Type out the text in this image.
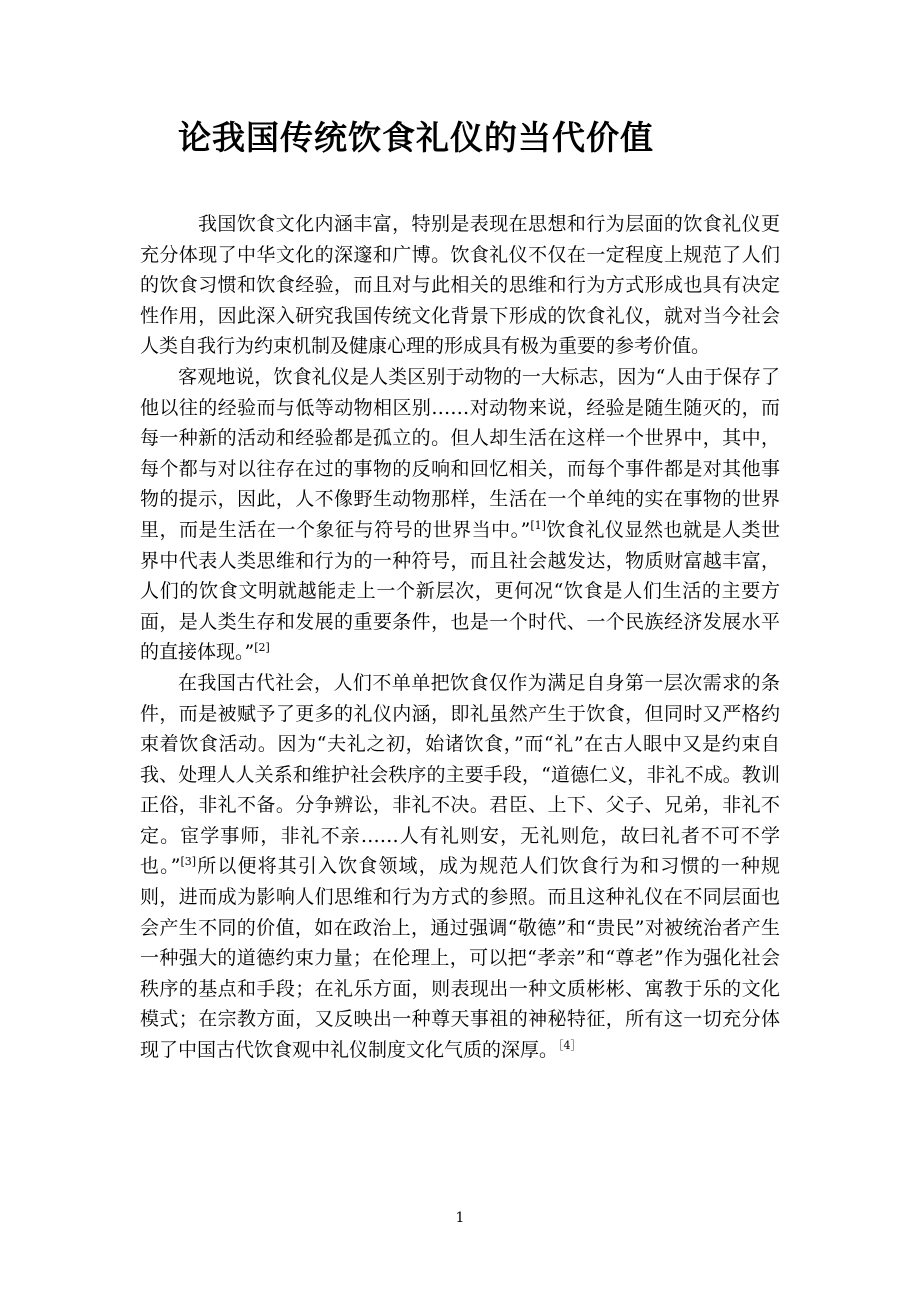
论我国传统饮食礼仪的当代价值

我国饮食文化内涵丰富，特别是表现在思想和行为层面的饮食礼仪更充分体现了中华文化的深邃和广博。饮食礼仪不仅在一定程度上规范了人们的饮食习惯和饮食经验，而且对与此相关的思维和行为方式形成也具有决定性作用，因此深入研究我国传统文化背景下形成的饮食礼仪，就对当今社会人类自我行为约束机制及健康心理的形成具有极为重要的参考价值。

客观地说，饮食礼仪是人类区别于动物的一大标志，因为“人由于保存了他以往的经验而与低等动物相区别……对动物来说，经验是随生随灭的，而每一种新的活动和经验都是孤立的。但人却生活在这样一个世界中，其中，每个都与对以往存在过的事物的反响和回忆相关，而每个事件都是对其他事物的提示，因此，人不像野生动物那样，生活在一个单纯的实在事物的世界里，而是生活在一个象征与符号的世界当中。”[1]饮食礼仪显然也就是人类世界中代表人类思维和行为的一种符号，而且社会越发达，物质财富越丰富，人们的饮食文明就越能走上一个新层次，更何况“饮食是人们生活的主要方面，是人类生存和发展的重要条件，也是一个时代、一个民族经济发展水平的直接体现。”[2]

在我国古代社会，人们不单单把饮食仅作为满足自身第一层次需求的条件，而是被赋予了更多的礼仪内涵，即礼虽然产生于饮食，但同时又严格约束着饮食活动。因为“夫礼之初，始诸饮食，”而“礼”在古人眼中又是约束自我、处理人人关系和维护社会秩序的主要手段，“道德仁义，非礼不成。教训正俗，非礼不备。分争辨讼，非礼不决。君臣、上下、父子、兄弟，非礼不定。宦学事师，非礼不亲……人有礼则安，无礼则危，故曰礼者不可不学也。”[3]所以便将其引入饮食领域，成为规范人们饮食行为和习惯的一种规则，进而成为影响人们思维和行为方式的参照。而且这种礼仪在不同层面也会产生不同的价值，如在政治上，通过强调“敬德”和“贵民”对被统治者产生一种强大的道德约束力量；在伦理上，可以把“孝亲”和“尊老”作为强化社会秩序的基点和手段；在礼乐方面，则表现出一种文质彬彬、寓教于乐的文化模式；在宗教方面，又反映出一种尊天事祖的神秘特征，所有这一切充分体现了中国古代饮食观中礼仪制度文化气质的深厚。$^{[4]}$

1
